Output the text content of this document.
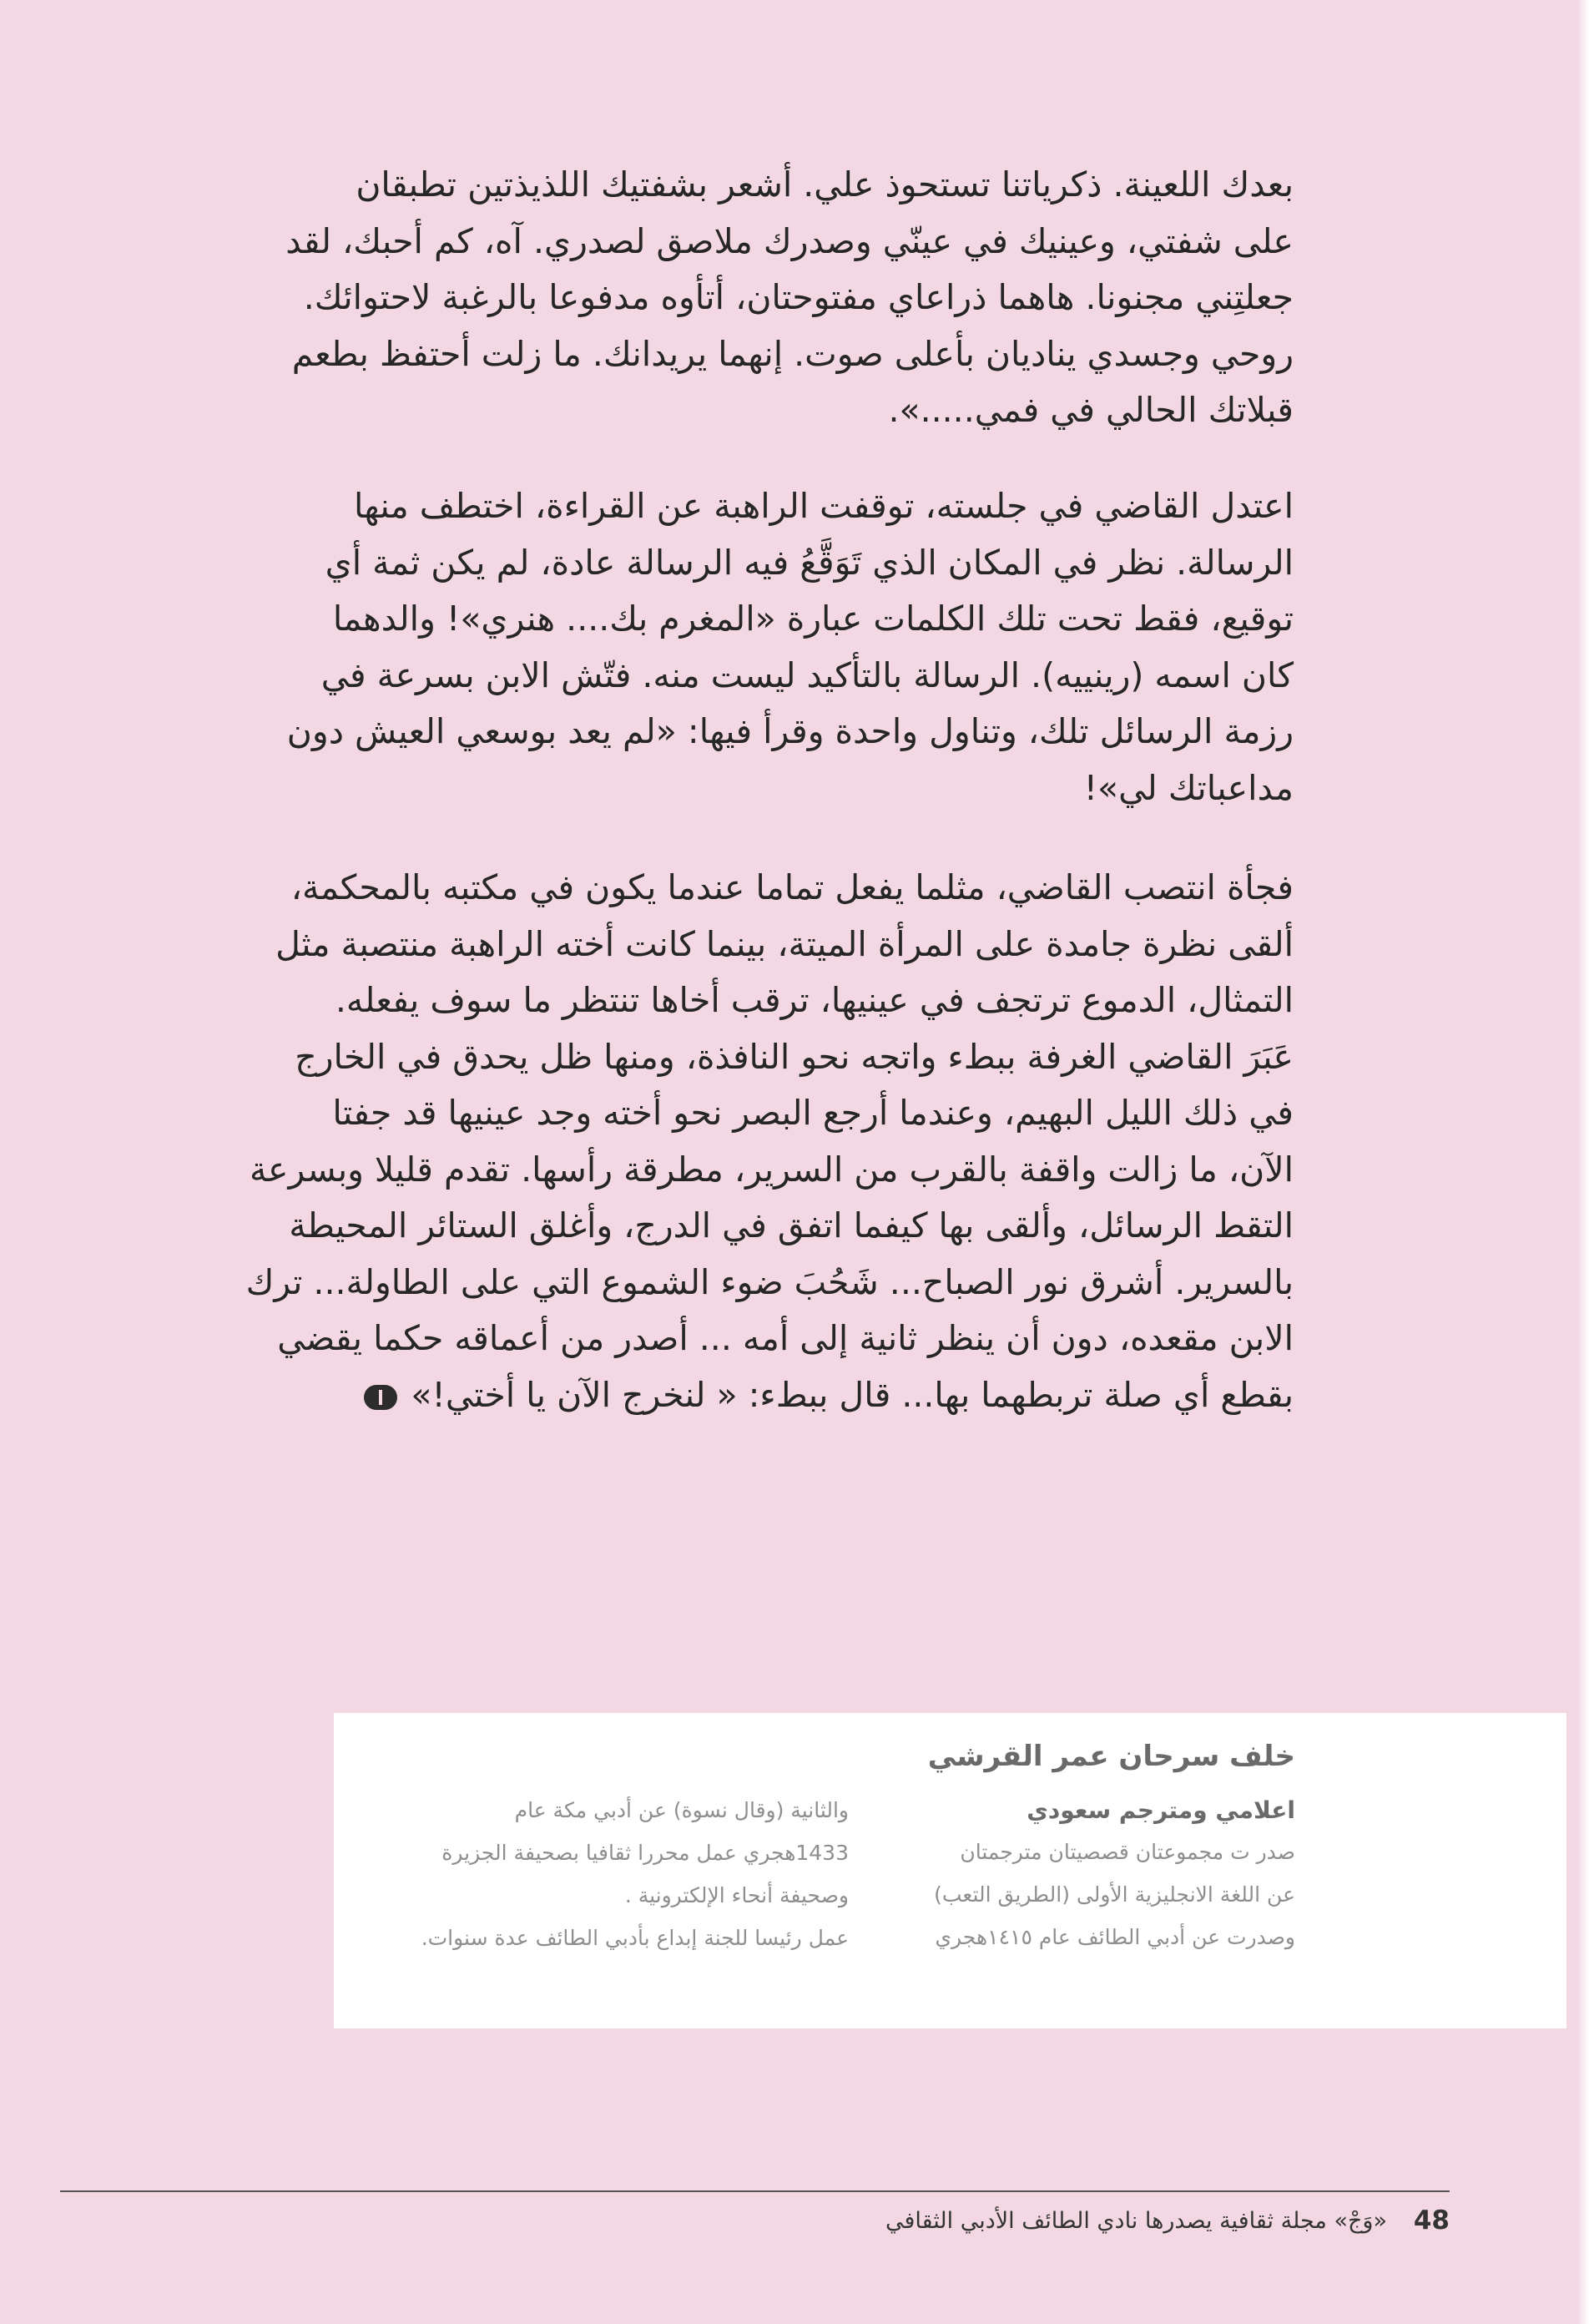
بعدك اللعينة. ذكرياتنا تستحوذ علي. أشعر بشفتيك اللذيذتين تطبقان
على شفتي، وعينيك في عينّي وصدرك ملاصق لصدري. آه، كم أحبك، لقد
جعلتِني مجنونا. هاهما ذراعاي مفتوحتان، أتأوه مدفوعا بالرغبة لاحتوائك.
روحي وجسدي يناديان بأعلى صوت. إنهما يريدانك. ما زلت أحتفظ بطعم
قبلاتك الحالي في فمي.....».
اعتدل القاضي في جلسته، توقفت الراهبة عن القراءة، اختطف منها
الرسالة. نظر في المكان الذي تَوَقَّعُ فيه الرسالة عادة، لم يكن ثمة أي
توقيع، فقط تحت تلك الكلمات عبارة «المغرم بك.... هنري»! والدهما
كان اسمه (رينييه). الرسالة بالتأكيد ليست منه. فتّش الابن بسرعة في
رزمة الرسائل تلك، وتناول واحدة وقرأ فيها: «لم يعد بوسعي العيش دون
مداعباتك لي»!
فجأة انتصب القاضي، مثلما يفعل تماما عندما يكون في مكتبه بالمحكمة،
ألقى نظرة جامدة على المرأة الميتة، بينما كانت أخته الراهبة منتصبة مثل
التمثال، الدموع ترتجف في عينيها، ترقب أخاها تنتظر ما سوف يفعله.
عَبَرَ القاضي الغرفة ببطء واتجه نحو النافذة، ومنها ظل يحدق في الخارج
في ذلك الليل البهيم، وعندما أرجع البصر نحو أخته وجد عينيها قد جفتا
الآن، ما زالت واقفة بالقرب من السرير، مطرقة رأسها. تقدم قليلا وبسرعة
التقط الرسائل، وألقى بها كيفما اتفق في الدرج، وأغلق الستائر المحيطة
بالسرير. أشرق نور الصباح... شَحُبَ ضوء الشموع التي على الطاولة... ترك
الابن مقعده، دون أن ينظر ثانية إلى أمه ... أصدر من أعماقه حكما يقضي
بقطع أي صلة تربطهما بها... قال ببطء: « لنخرج الآن يا أختي!»
خلف سرحان عمر القرشي
اعلامي ومترجم سعودي
صدر ت مجموعتان قصصيتان مترجمتان
عن اللغة الانجليزية الأولى (الطريق التعب)
وصدرت عن أدبي الطائف عام ١٤١٥هجري
والثانية (وقال نسوة) عن أدبي مكة عام
1433هجري عمل محررا ثقافيا بصحيفة الجزيرة
وصحيفة أنحاء الإلكترونية .
عمل رئيسا للجنة إبداع بأدبي الطائف عدة سنوات.
«وَجْ» مجلة ثقافية يصدرها نادي الطائف الأدبي الثقافي 48
